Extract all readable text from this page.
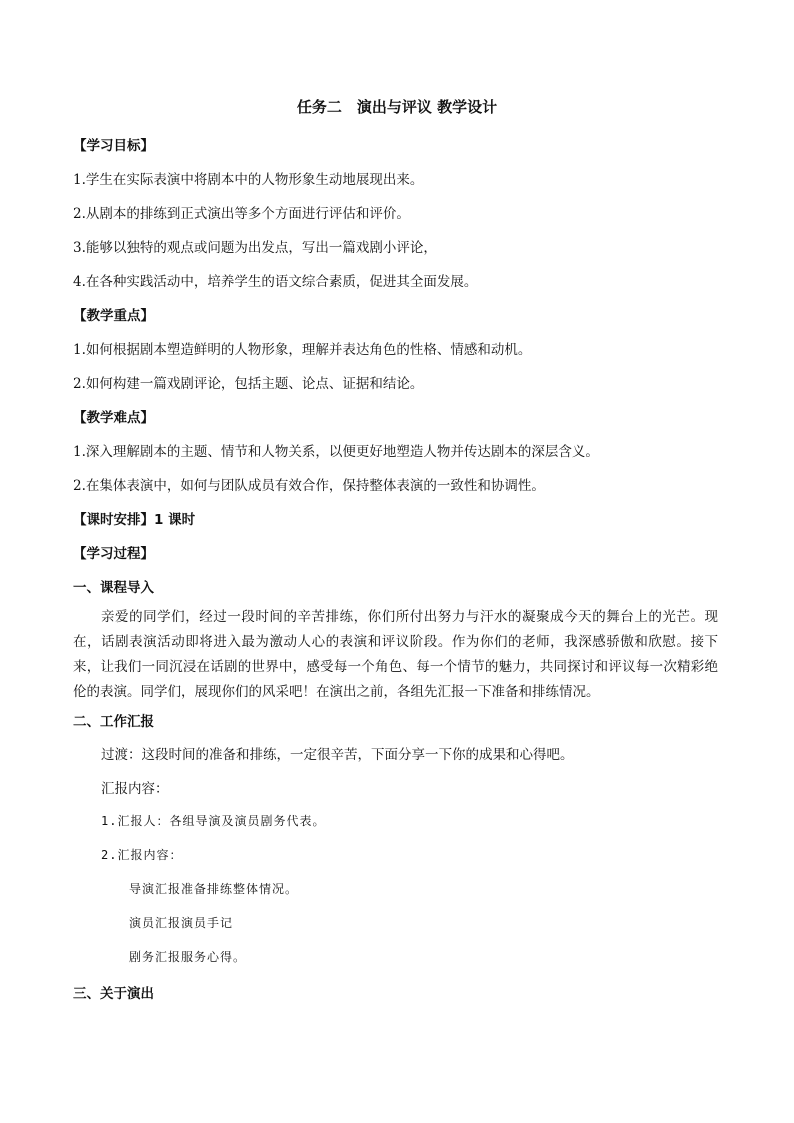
任务二　演出与评议 教学设计
【学习目标】
1.学生在实际表演中将剧本中的人物形象生动地展现出来。
2.从剧本的排练到正式演出等多个方面进行评估和评价。
3.能够以独特的观点或问题为出发点，写出一篇戏剧小评论，
4.在各种实践活动中，培养学生的语文综合素质，促进其全面发展。
【教学重点】
1.如何根据剧本塑造鲜明的人物形象，理解并表达角色的性格、情感和动机。
2.如何构建一篇戏剧评论，包括主题、论点、证据和结论。
【教学难点】
1.深入理解剧本的主题、情节和人物关系，以便更好地塑造人物并传达剧本的深层含义。
2.在集体表演中，如何与团队成员有效合作，保持整体表演的一致性和协调性。
【课时安排】1 课时
【学习过程】
一、课程导入
亲爱的同学们，经过一段时间的辛苦排练，你们所付出努力与汗水的凝聚成今天的舞台上的光芒。现在，话剧表演活动即将进入最为激动人心的表演和评议阶段。作为你们的老师，我深感骄傲和欣慰。接下来，让我们一同沉浸在话剧的世界中，感受每一个角色、每一个情节的魅力，共同探讨和评议每一次精彩绝伦的表演。同学们，展现你们的风采吧！在演出之前，各组先汇报一下准备和排练情况。
二、工作汇报
过渡：这段时间的准备和排练，一定很辛苦，下面分享一下你的成果和心得吧。
汇报内容：
1.汇报人：各组导演及演员剧务代表。
2.汇报内容：
导演汇报准备排练整体情况。
演员汇报演员手记
剧务汇报服务心得。
三、关于演出
